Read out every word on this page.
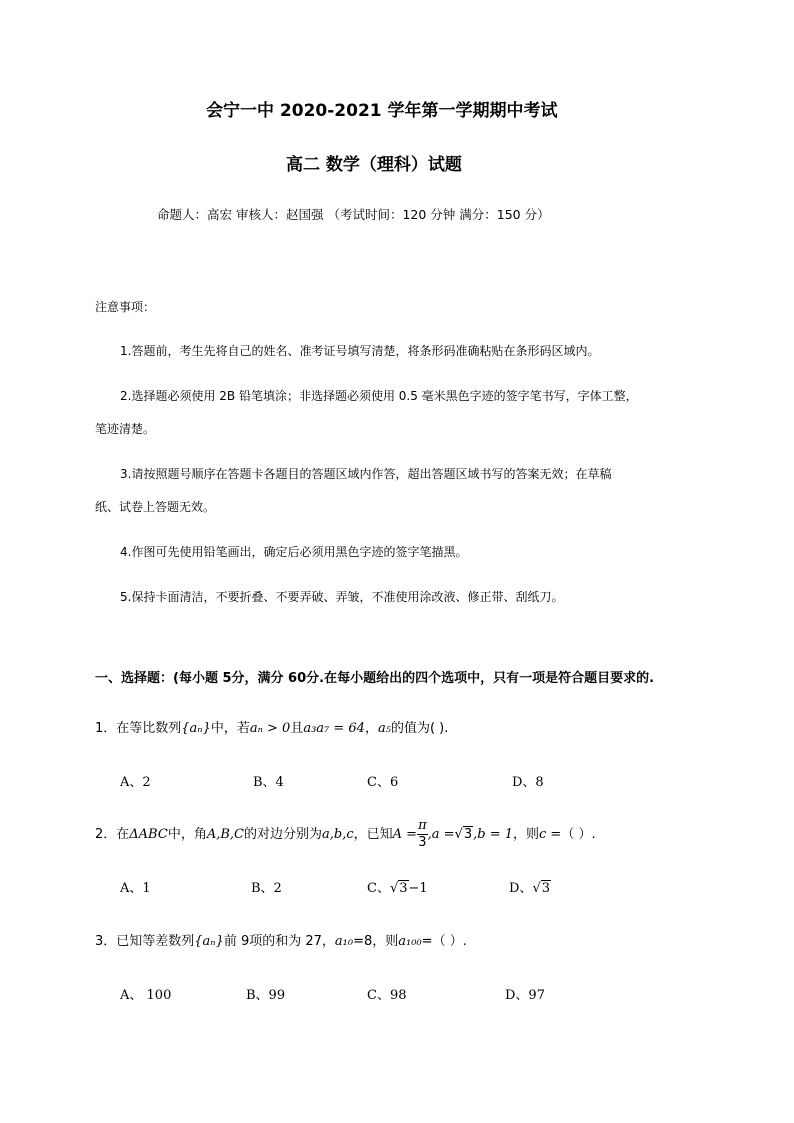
会宁一中 2020-2021 学年第一学期期中考试
高二 数学（理科）试题
命题人：高宏 审核人：赵国强 （考试时间：120 分钟 满分：150 分）
注意事项：
1.答题前，考生先将自己的姓名、准考证号填写清楚，将条形码准确粘贴在条形码区域内。
2.选择题必须使用 2B 铅笔填涂；非选择题必须使用 0.5 毫米黑色字迹的签字笔书写，字体工整，
笔迹清楚。
3.请按照题号顺序在答题卡各题目的答题区域内作答，超出答题区域书写的答案无效；在草稿
纸、试卷上答题无效。
4.作图可先使用铅笔画出，确定后必须用黑色字迹的签字笔描黑。
5.保持卡面清洁，不要折叠、不要弄破、弄皱，不准使用涂改液、修正带、刮纸刀。
一、选择题：(每小题 5分，满分 60分.在每小题给出的四个选项中，只有一项是符合题目要求的.
1．在等比数列{aₙ}中，若aₙ > 0且a₃a₇ = 64，a₅的值为( ).
A、2	B、4	C、6	D、8
2．在ΔABC中，角A,B,C的对边分别为a,b,c，已知$A = \frac{\pi}{3} ,a =√3,b = 1$，则c =（ ）.
A、1	B、2	C、√3−1	D、√3
3．已知等差数列{aₙ}前 9项的和为 27，a₁₀=8，则a₁₀₀=（ ）.
A、 100	B、99	C、98	D、97
